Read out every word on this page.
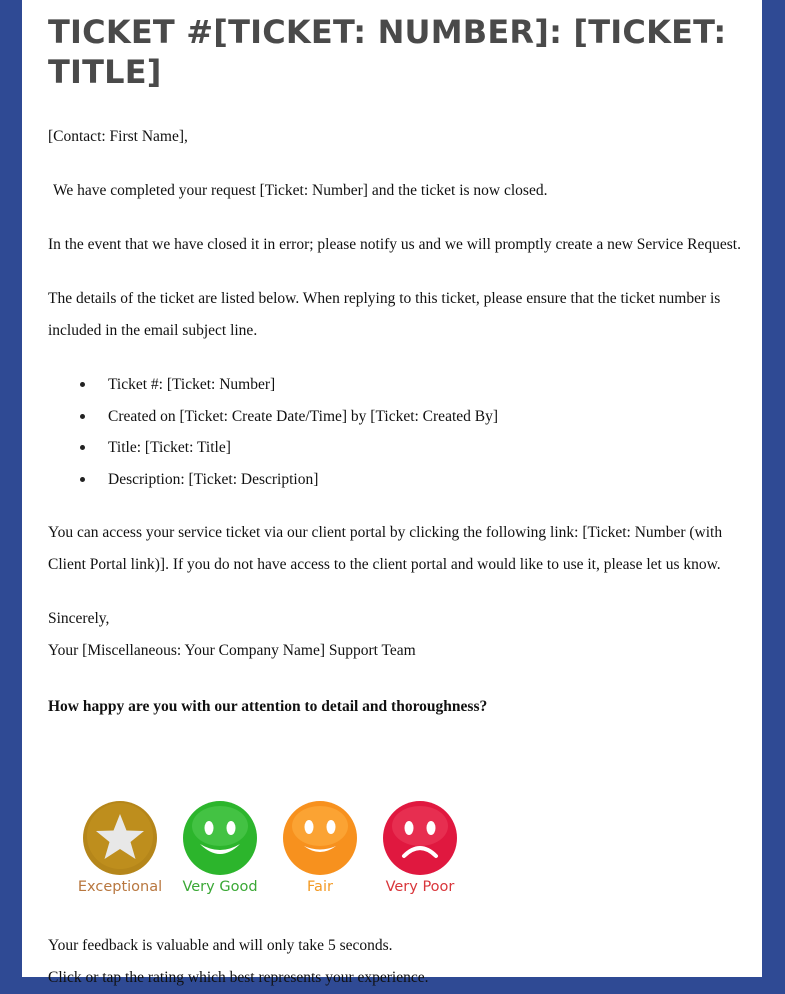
TICKET #[TICKET: NUMBER]: [TICKET: TITLE]

[Contact: First Name],

We have completed your request [Ticket: Number] and the ticket is now closed.

In the event that we have closed it in error; please notify us and we will promptly create a new Service Request.

The details of the ticket are listed below. When replying to this ticket, please ensure that the ticket number is included in the email subject line.

Ticket #: [Ticket: Number]
Created on [Ticket: Create Date/Time] by [Ticket: Created By]
Title: [Ticket: Title]
Description: [Ticket: Description]

You can access your service ticket via our client portal by clicking the following link: [Ticket: Number (with Client Portal link)]. If you do not have access to the client portal and would like to use it, please let us know.

Sincerely,

Your [Miscellaneous: Your Company Name] Support Team

How happy are you with our attention to detail and thoroughness?

Exceptional	Very Good	Fair	Very Poor

Your feedback is valuable and will only take 5 seconds.

Click or tap the rating which best represents your experience.
